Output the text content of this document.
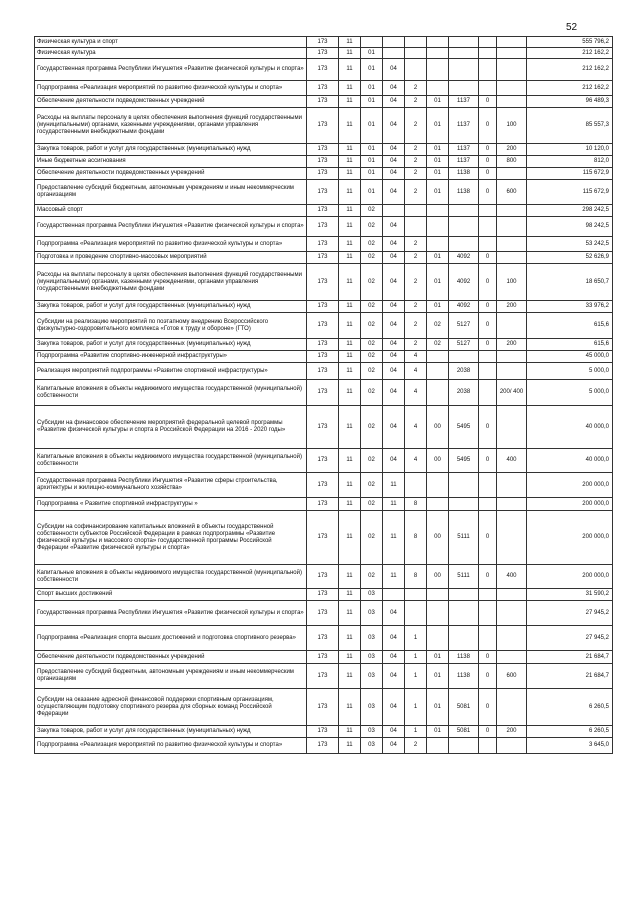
52
Физическая культура и спорт	173	11								555 796,2
Физическая культура	173	11	01							212 162,2
Государственная программа Республики Ингушетия «Развитие физической культуры и спорта»	173	11	01	04						212 162,2
Подпрограмма «Реализация мероприятий по развитию физической культуры и спорта»	173	11	01	04	2					212 162,2
Обеспечение деятельности подведомственных учреждений	173	11	01	04	2	01	1137	0		96 489,3
Расходы на выплаты персоналу в целях обеспечения выполнения функций государственными (муниципальными) органами, казенными учреждениями, органами управления государственными внебюджетными фондами	173	11	01	04	2	01	1137	0	100	85 557,3
Закупка товаров, работ и услуг для государственных (муниципальных) нужд	173	11	01	04	2	01	1137	0	200	10 120,0
Иные бюджетные ассигнования	173	11	01	04	2	01	1137	0	800	812,0
Обеспечение деятельности подведомственных учреждений	173	11	01	04	2	01	1138	0		115 672,9
Предоставление субсидий бюджетным, автономным учреждениям и иным некоммерческим организациям	173	11	01	04	2	01	1138	0	600	115 672,9
Массовый спорт	173	11	02							298 242,5
Государственная программа Республики Ингушетия «Развитие физической культуры и спорта»	173	11	02	04						98 242,5
Подпрограмма «Реализация мероприятий по развитию физической культуры и спорта»	173	11	02	04	2					53 242,5
Подготовка и проведение спортивно-массовых мероприятий	173	11	02	04	2	01	4092	0		52 626,9
Расходы на выплаты персоналу в целях обеспечения выполнения функций государственными (муниципальными) органами, казенными учреждениями, органами управления государственными внебюджетными фондами	173	11	02	04	2	01	4092	0	100	18 650,7
Закупка товаров, работ и услуг для государственных (муниципальных) нужд	173	11	02	04	2	01	4092	0	200	33 976,2
Субсидии на реализацию мероприятий по поэтапному внедрению Всероссийского физкультурно-оздоровительного комплекса «Готов к труду и обороне» (ГТО)	173	11	02	04	2	02	5127	0		615,6
Закупка товаров, работ и услуг для государственных (муниципальных) нужд	173	11	02	04	2	02	5127	0	200	615,6
Подпрограмма «Развитие спортивно-инженерной инфраструктуры»	173	11	02	04	4					45 000,0
Реализация мероприятий подпрограммы «Развитие спортивной инфраструктуры»	173	11	02	04	4		2038			5 000,0
Капитальные вложения в объекты недвижимого имущества государственной (муниципальной) собственности	173	11	02	04	4		2038		200/ 400	5 000,0
Субсидии на финансовое обеспечение мероприятий федеральной целевой программы «Развитие физической культуры и спорта в Российской Федерации на 2016 - 2020 годы»	173	11	02	04	4	00	5495	0		40 000,0
Капитальные вложения в объекты недвижимого имущества государственной (муниципальной) собственности	173	11	02	04	4	00	5495	0	400	40 000,0
Государственная программа Республики Ингушетия «Развитие сферы строительства, архитектуры и жилищно-коммунального хозяйства»	173	11	02	11						200 000,0
Подпрограмма « Развитие спортивной инфраструктуры »	173	11	02	11	8					200 000,0
Субсидии на софинансирование капитальных вложений в объекты государственной собственности субъектов Российской Федерации в рамках подпрограммы «Развитие физической культуры и массового спорта» государственной программы Российской Федерации «Развитие физической культуры и спорта»	173	11	02	11	8	00	5111	0		200 000,0
Капитальные вложения в объекты недвижимого имущества государственной (муниципальной) собственности	173	11	02	11	8	00	5111	0	400	200 000,0
Спорт высших достижений	173	11	03							31 590,2
Государственная программа Республики Ингушетия «Развитие физической культуры и спорта»	173	11	03	04						27 945,2
Подпрограмма «Реализация спорта высших достижений и подготовка спортивного резерва»	173	11	03	04	1					27 945,2
Обеспечение деятельности подведомственных учреждений	173	11	03	04	1	01	1138	0		21 684,7
Предоставление субсидий бюджетным, автономным учреждениям и иным некоммерческим организациям	173	11	03	04	1	01	1138	0	600	21 684,7
Субсидии на оказание адресной финансовой поддержки спортивным организациям, осуществляющим подготовку спортивного резерва для сборных команд Российской Федерации	173	11	03	04	1	01	5081	0		6 260,5
Закупка товаров, работ и услуг для государственных (муниципальных) нужд	173	11	03	04	1	01	5081	0	200	6 260,5
Подпрограмма «Реализация мероприятий по развитию физической культуры и спорта»	173	11	03	04	2					3 645,0
